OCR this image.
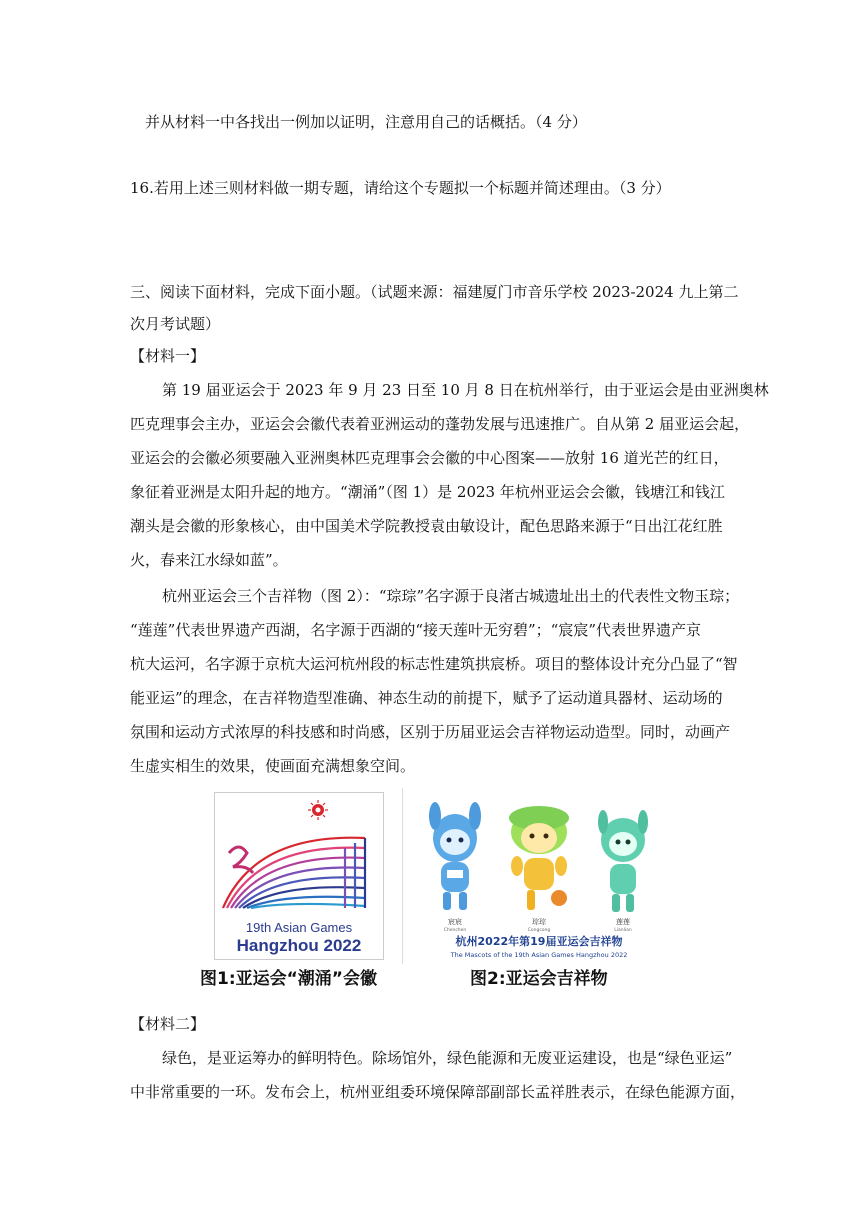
并从材料一中各找出一例加以证明，注意用自己的话概括。（4 分）
16.若用上述三则材料做一期专题，请给这个专题拟一个标题并简述理由。（3 分）
三、阅读下面材料，完成下面小题。（试题来源：福建厦门市音乐学校 2023-2024 九上第二
次月考试题）
【材料一】
第 19 届亚运会于 2023 年 9 月 23 日至 10 月 8 日在杭州举行，由于亚运会是由亚洲奥林
匹克理事会主办，亚运会会徽代表着亚洲运动的蓬勃发展与迅速推广。自从第 2 届亚运会起，
亚运会的会徽必须要融入亚洲奥林匹克理事会会徽的中心图案——放射 16 道光芒的红日，
象征着亚洲是太阳升起的地方。“潮涌”（图 1）是 2023 年杭州亚运会会徽，钱塘江和钱江
潮头是会徽的形象核心，由中国美术学院教授袁由敏设计，配色思路来源于“日出江花红胜
火，春来江水绿如蓝”。
杭州亚运会三个吉祥物（图 2）：“琮琮”名字源于良渚古城遗址出土的代表性文物玉琮；
“莲莲”代表世界遗产西湖，名字源于西湖的“接天莲叶无穷碧”；“宸宸”代表世界遗产京
杭大运河，名字源于京杭大运河杭州段的标志性建筑拱宸桥。项目的整体设计充分凸显了“智
能亚运”的理念，在吉祥物造型准确、神态生动的前提下，赋予了运动道具器材、运动场的
氛围和运动方式浓厚的科技感和时尚感，区别于历届亚运会吉祥物运动造型。同时，动画产
生虚实相生的效果，使画面充满想象空间。
19th Asian Games
Hangzhou 2022
宸宸	琮琮	莲莲
Chenchen	Congcong	Lianlian
杭州2022年第19届亚运会吉祥物
The Mascots of the 19th Asian Games Hangzhou 2022
图1:亚运会“潮涌”会徽	图2:亚运会吉祥物
【材料二】
绿色，是亚运筹办的鲜明特色。除场馆外，绿色能源和无废亚运建设，也是“绿色亚运”
中非常重要的一环。发布会上，杭州亚组委环境保障部副部长孟祥胜表示，在绿色能源方面，
